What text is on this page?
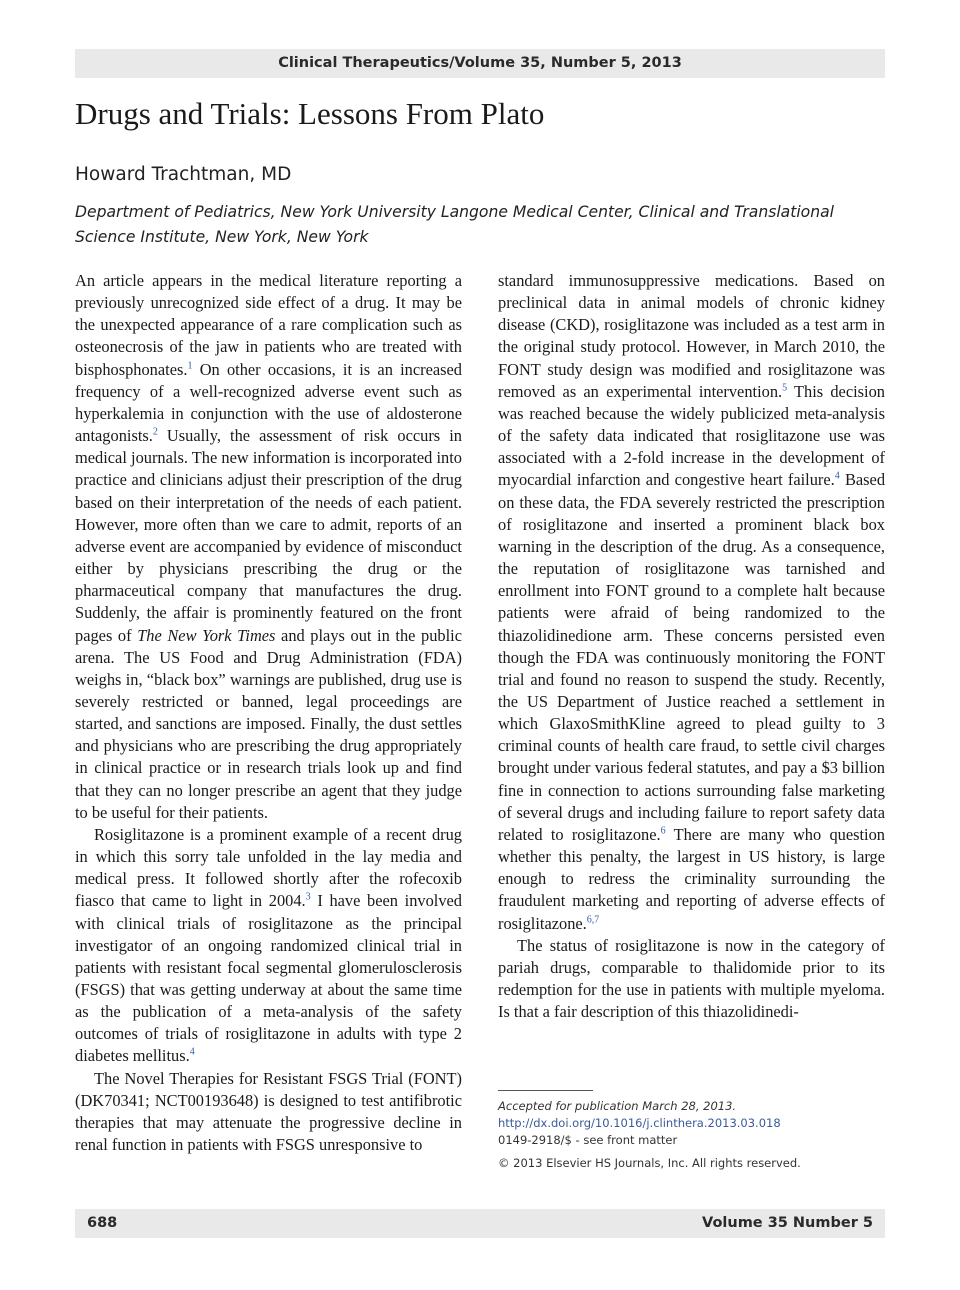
Clinical Therapeutics/Volume 35, Number 5, 2013
Drugs and Trials: Lessons From Plato
Howard Trachtman, MD
Department of Pediatrics, New York University Langone Medical Center, Clinical and Translational Science Institute, New York, New York

An article appears in the medical literature reporting a previously unrecognized side effect of a drug. It may be the unexpected appearance of a rare complication such as osteonecrosis of the jaw in patients who are treated with bisphosphonates.$^1$ On other occasions, it is an increased frequency of a well-recognized adverse event such as hyperkalemia in conjunction with the use of aldosterone antagonists.$^2$ Usually, the assessment of risk occurs in medical journals. The new information is incorporated into practice and clinicians adjust their prescription of the drug based on their interpretation of the needs of each patient. However, more often than we care to admit, reports of an adverse event are accompanied by evidence of misconduct either by physicians prescribing the drug or the pharmaceutical company that manufactures the drug. Suddenly, the affair is prominently featured on the front pages of The New York Times and plays out in the public arena. The US Food and Drug Administration (FDA) weighs in, “black box” warnings are published, drug use is severely restricted or banned, legal proceedings are started, and sanctions are imposed. Finally, the dust settles and physicians who are prescribing the drug appropriately in clinical practice or in research trials look up and find that they can no longer prescribe an agent that they judge to be useful for their patients.

Rosiglitazone is a prominent example of a recent drug in which this sorry tale unfolded in the lay media and medical press. It followed shortly after the rofecoxib fiasco that came to light in 2004.$^3$ I have been involved with clinical trials of rosiglitazone as the principal investigator of an ongoing randomized clinical trial in patients with resistant focal segmental glomerulosclerosis (FSGS) that was getting underway at about the same time as the publication of a meta-analysis of the safety outcomes of trials of rosiglitazone in adults with type 2 diabetes mellitus.$^4$

The Novel Therapies for Resistant FSGS Trial (FONT) (DK70341; NCT00193648) is designed to test antifibrotic therapies that may attenuate the progressive decline in renal function in patients with FSGS unresponsive to

standard immunosuppressive medications. Based on preclinical data in animal models of chronic kidney disease (CKD), rosiglitazone was included as a test arm in the original study protocol. However, in March 2010, the FONT study design was modified and rosiglitazone was removed as an experimental intervention.$^5$ This decision was reached because the widely publicized meta-analysis of the safety data indicated that rosiglitazone use was associated with a 2-fold increase in the development of myocardial infarction and congestive heart failure.$^4$ Based on these data, the FDA severely restricted the prescription of rosiglitazone and inserted a prominent black box warning in the description of the drug. As a consequence, the reputation of rosiglitazone was tarnished and enrollment into FONT ground to a complete halt because patients were afraid of being randomized to the thiazolidinedione arm. These concerns persisted even though the FDA was continuously monitoring the FONT trial and found no reason to suspend the study. Recently, the US Department of Justice reached a settlement in which GlaxoSmithKline agreed to plead guilty to 3 criminal counts of health care fraud, to settle civil charges brought under various federal statutes, and pay a $3 billion fine in connection to actions surrounding false marketing of several drugs and including failure to report safety data related to rosiglitazone.$^6$ There are many who question whether this penalty, the largest in US history, is large enough to redress the criminality surrounding the fraudulent marketing and reporting of adverse effects of rosiglitazone.$^{6,7}$

The status of rosiglitazone is now in the category of pariah drugs, comparable to thalidomide prior to its redemption for the use in patients with multiple myeloma. Is that a fair description of this thiazolidinedi-

Accepted for publication March 28, 2013.
http://dx.doi.org/10.1016/j.clinthera.2013.03.018
0149-2918/$ - see front matter
© 2013 Elsevier HS Journals, Inc. All rights reserved.
688	Volume 35 Number 5
